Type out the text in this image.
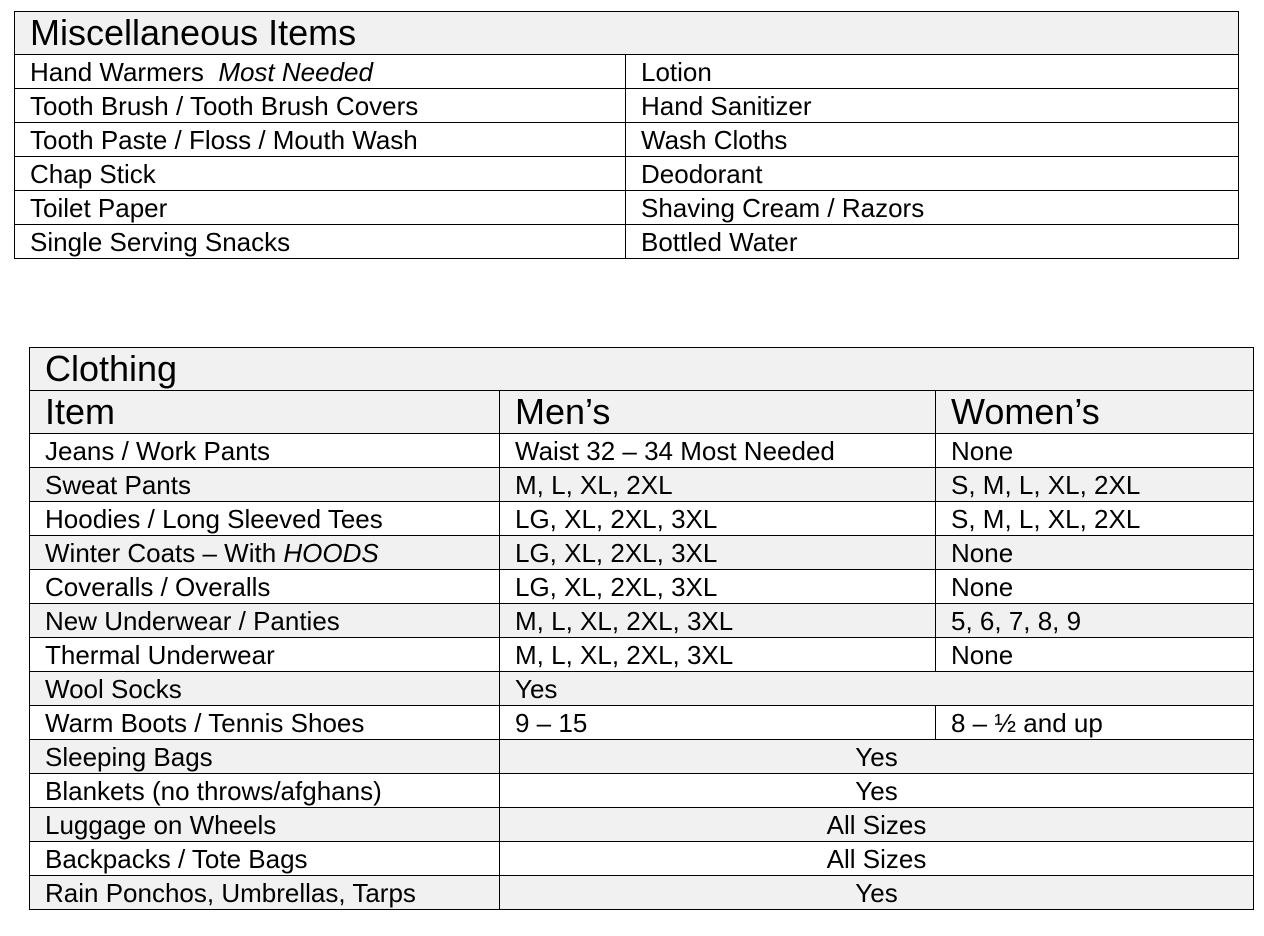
Miscellaneous Items	
Hand Warmers Most Needed	Lotion
Tooth Brush / Tooth Brush Covers	Hand Sanitizer
Tooth Paste / Floss / Mouth Wash	Wash Cloths
Chap Stick	Deodorant
Toilet Paper	Shaving Cream / Razors
Single Serving Snacks	Bottled Water
Clothing		
Item	Men’s	Women’s
Jeans / Work Pants	Waist 32 – 34 Most Needed	None
Sweat Pants	M, L, XL, 2XL	S, M, L, XL, 2XL
Hoodies / Long Sleeved Tees	LG, XL, 2XL, 3XL	S, M, L, XL, 2XL
Winter Coats – With HOODS	LG, XL, 2XL, 3XL	None
Coveralls / Overalls	LG, XL, 2XL, 3XL	None
New Underwear / Panties	M, L, XL, 2XL, 3XL	5, 6, 7, 8, 9
Thermal Underwear	M, L, XL, 2XL, 3XL	None
Wool Socks	Yes	
Warm Boots / Tennis Shoes	9 – 15	8 – ½ and up
Sleeping Bags	Yes	
Blankets (no throws/afghans)	Yes	
Luggage on Wheels	All Sizes	
Backpacks / Tote Bags	All Sizes	
Rain Ponchos, Umbrellas, Tarps	Yes	
